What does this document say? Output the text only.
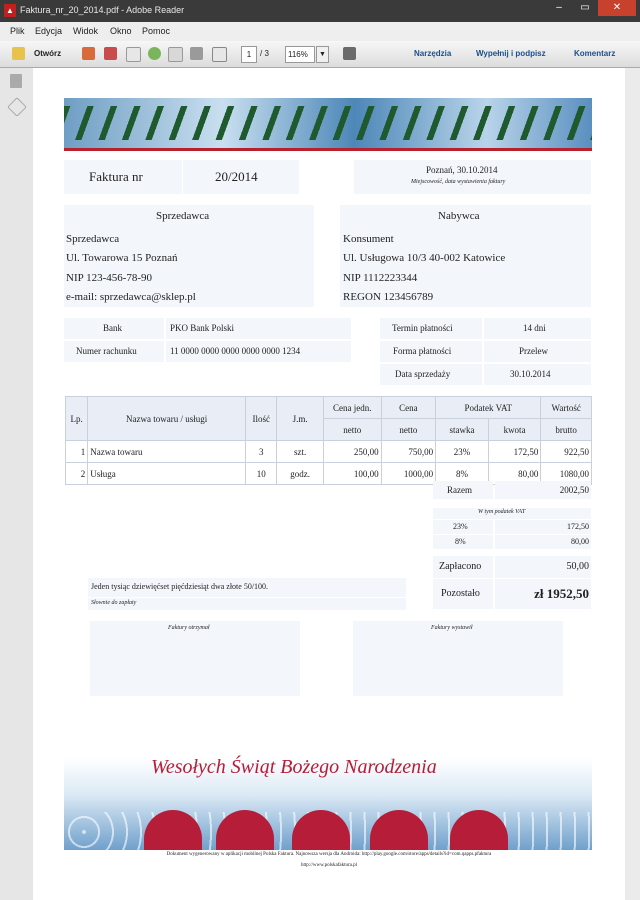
▲ Faktura_nr_20_2014.pdf - Adobe Reader	–	▭	✕
Plik Edycja Widok Okno Pomoc
Otwórz	1	/ 3	116%	▼	Narzędzia	Wypełnij i podpisz	Komentarz
Faktura nr	20/2014	Poznań, 30.10.2014
Miejscowość, data wystawienia faktury
Sprzedawca	Nabywca
Sprzedawca
Ul. Towarowa 15 Poznań
NIP 123-456-78-90
e-mail: sprzedawca@sklep.pl
Konsument
Ul. Usługowa 10/3 40-002 Katowice
NIP 1112223344
REGON 123456789
Bank	PKO Bank Polski
Numer rachunku	11 0000 0000 0000 0000 0000 1234
Termin płatności	14 dni
Forma płatności	Przelew
Data sprzedaży	30.10.2014
Lp.	Nazwa towaru / usługi	Ilość	J.m.	Cena jedn.	Cena	Podatek VAT		Wartość
				netto	netto	stawka	kwota	brutto
1	Nazwa towaru	3	szt.	250,00	750,00	23%	172,50	922,50
2	Usługa	10	godz.	100,00	1000,00	8%	80,00	1080,00
Razem	2002,50
W tym podatek VAT
23%	172,50
8%	80,00
Zapłacono	50,00
Pozostało	zł 1952,50
Jeden tysiąc dziewięćset pięćdziesiąt dwa złote 50/100.
Słownie do zapłaty
Faktury otrzymał	Faktury wystawił
Wesołych Świąt Bożego Narodzenia
Dokument wygenerowany w aplikacji mobilnej Polska Faktura. Najnowsza wersja dla Androida: http://play.google.com/store/apps/details?id=com.qapps.pfaktura
http://www.polskafaktura.pl
